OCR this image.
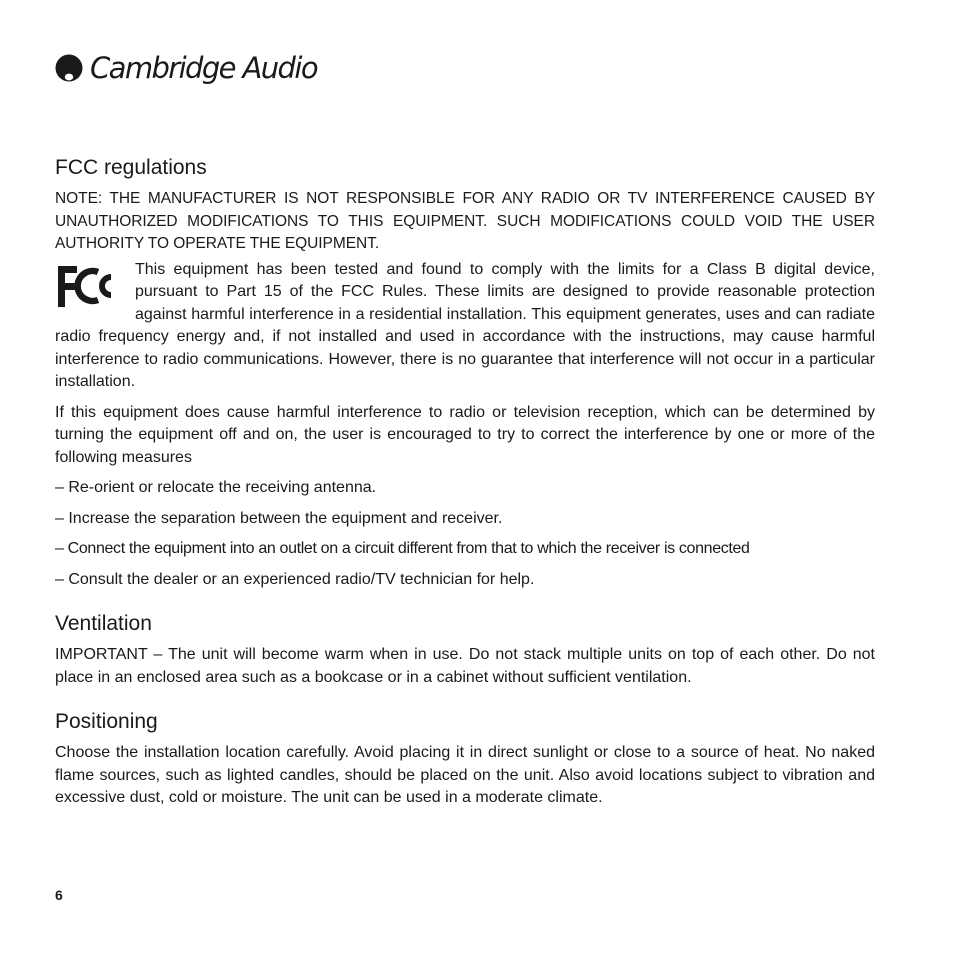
Cambridge Audio
FCC regulations

NOTE: THE MANUFACTURER IS NOT RESPONSIBLE FOR ANY RADIO OR TV INTERFERENCE CAUSED BY UNAUTHORIZED MODIFICATIONS TO THIS EQUIPMENT. SUCH MODIFICATIONS COULD VOID THE USER AUTHORITY TO OPERATE THE EQUIPMENT.

This equipment has been tested and found to comply with the limits for a Class B digital device, pursuant to Part 15 of the FCC Rules. These limits are designed to provide reasonable protection against harmful interference in a residential installation. This equipment generates, uses and can radiate radio frequency energy and, if not installed and used in accordance with the instructions, may cause harmful interference to radio communications. However, there is no guarantee that interference will not occur in a particular installation.

If this equipment does cause harmful interference to radio or television reception, which can be determined by turning the equipment off and on, the user is encouraged to try to correct the interference by one or more of the following measures

– Re-orient or relocate the receiving antenna.

– Increase the separation between the equipment and receiver.

– Connect the equipment into an outlet on a circuit different from that to which the receiver is connected

– Consult the dealer or an experienced radio/TV technician for help.

Ventilation

IMPORTANT – The unit will become warm when in use. Do not stack multiple units on top of each other. Do not place in an enclosed area such as a bookcase or in a cabinet without sufficient ventilation.

Positioning

Choose the installation location carefully. Avoid placing it in direct sunlight or close to a source of heat. No naked flame sources, such as lighted candles, should be placed on the unit. Also avoid locations subject to vibration and excessive dust, cold or moisture. The unit can be used in a moderate climate.

6
